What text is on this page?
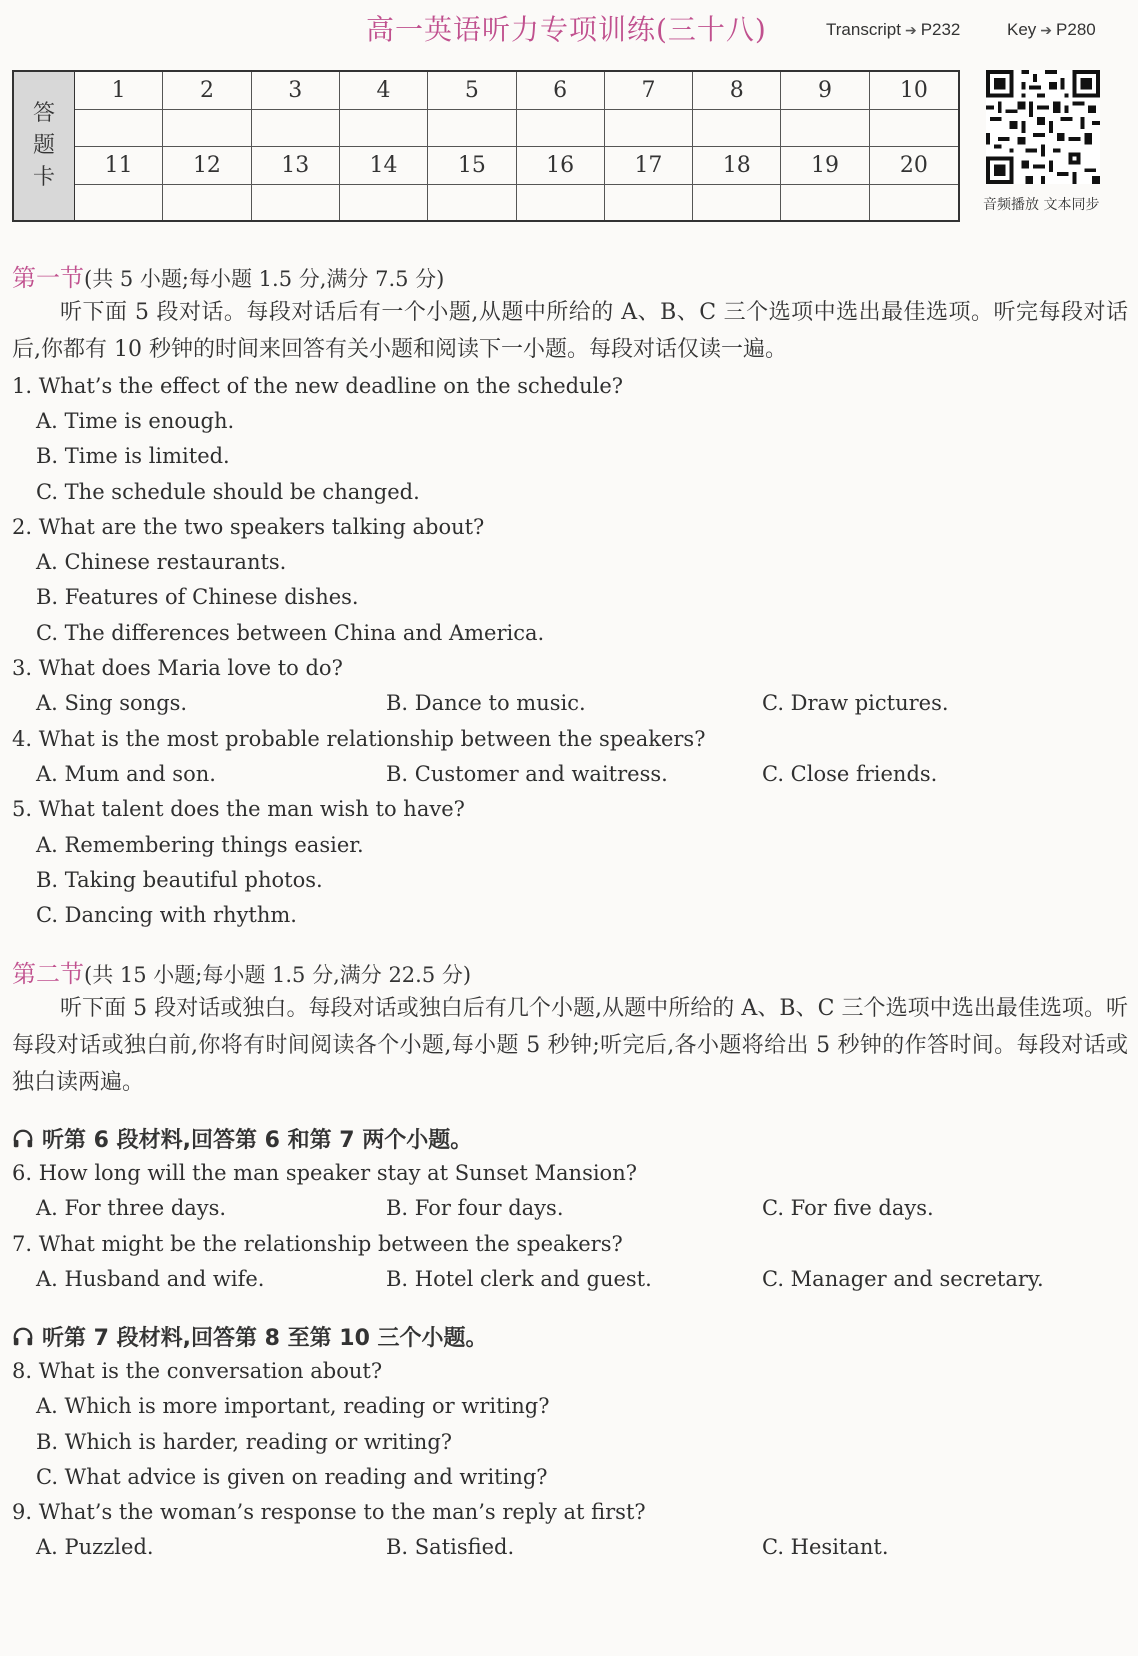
高一英语听力专项训练(三十八)	Transcript ➔ P232	Key ➔ P280
答
题
卡
1	2	3	4	5	6	7	8	9	10
11	12	13	14	15	16	17	18	19	20
音频播放 文本同步
第一节(共 5 小题;每小题 1.5 分,满分 7.5 分)
听下面 5 段对话。每段对话后有一个小题,从题中所给的 A、B、C 三个选项中选出最佳选项。听完每段对话后,你都有 10 秒钟的时间来回答有关小题和阅读下一小题。每段对话仅读一遍。
1. What’s the effect of the new deadline on the schedule?
A. Time is enough.
B. Time is limited.
C. The schedule should be changed.
2. What are the two speakers talking about?
A. Chinese restaurants.
B. Features of Chinese dishes.
C. The differences between China and America.
3. What does Maria love to do?
A. Sing songs.	B. Dance to music.	C. Draw pictures.
4. What is the most probable relationship between the speakers?
A. Mum and son.	B. Customer and waitress.	C. Close friends.
5. What talent does the man wish to have?
A. Remembering things easier.
B. Taking beautiful photos.
C. Dancing with rhythm.
第二节(共 15 小题;每小题 1.5 分,满分 22.5 分)
听下面 5 段对话或独白。每段对话或独白后有几个小题,从题中所给的 A、B、C 三个选项中选出最佳选项。听每段对话或独白前,你将有时间阅读各个小题,每小题 5 秒钟;听完后,各小题将给出 5 秒钟的作答时间。每段对话或独白读两遍。
听第 6 段材料,回答第 6 和第 7 两个小题。
6. How long will the man speaker stay at Sunset Mansion?
A. For three days.	B. For four days.	C. For five days.
7. What might be the relationship between the speakers?
A. Husband and wife.	B. Hotel clerk and guest.	C. Manager and secretary.
听第 7 段材料,回答第 8 至第 10 三个小题。
8. What is the conversation about?
A. Which is more important, reading or writing?
B. Which is harder, reading or writing?
C. What advice is given on reading and writing?
9. What’s the woman’s response to the man’s reply at first?
A. Puzzled.	B. Satisfied.	C. Hesitant.
